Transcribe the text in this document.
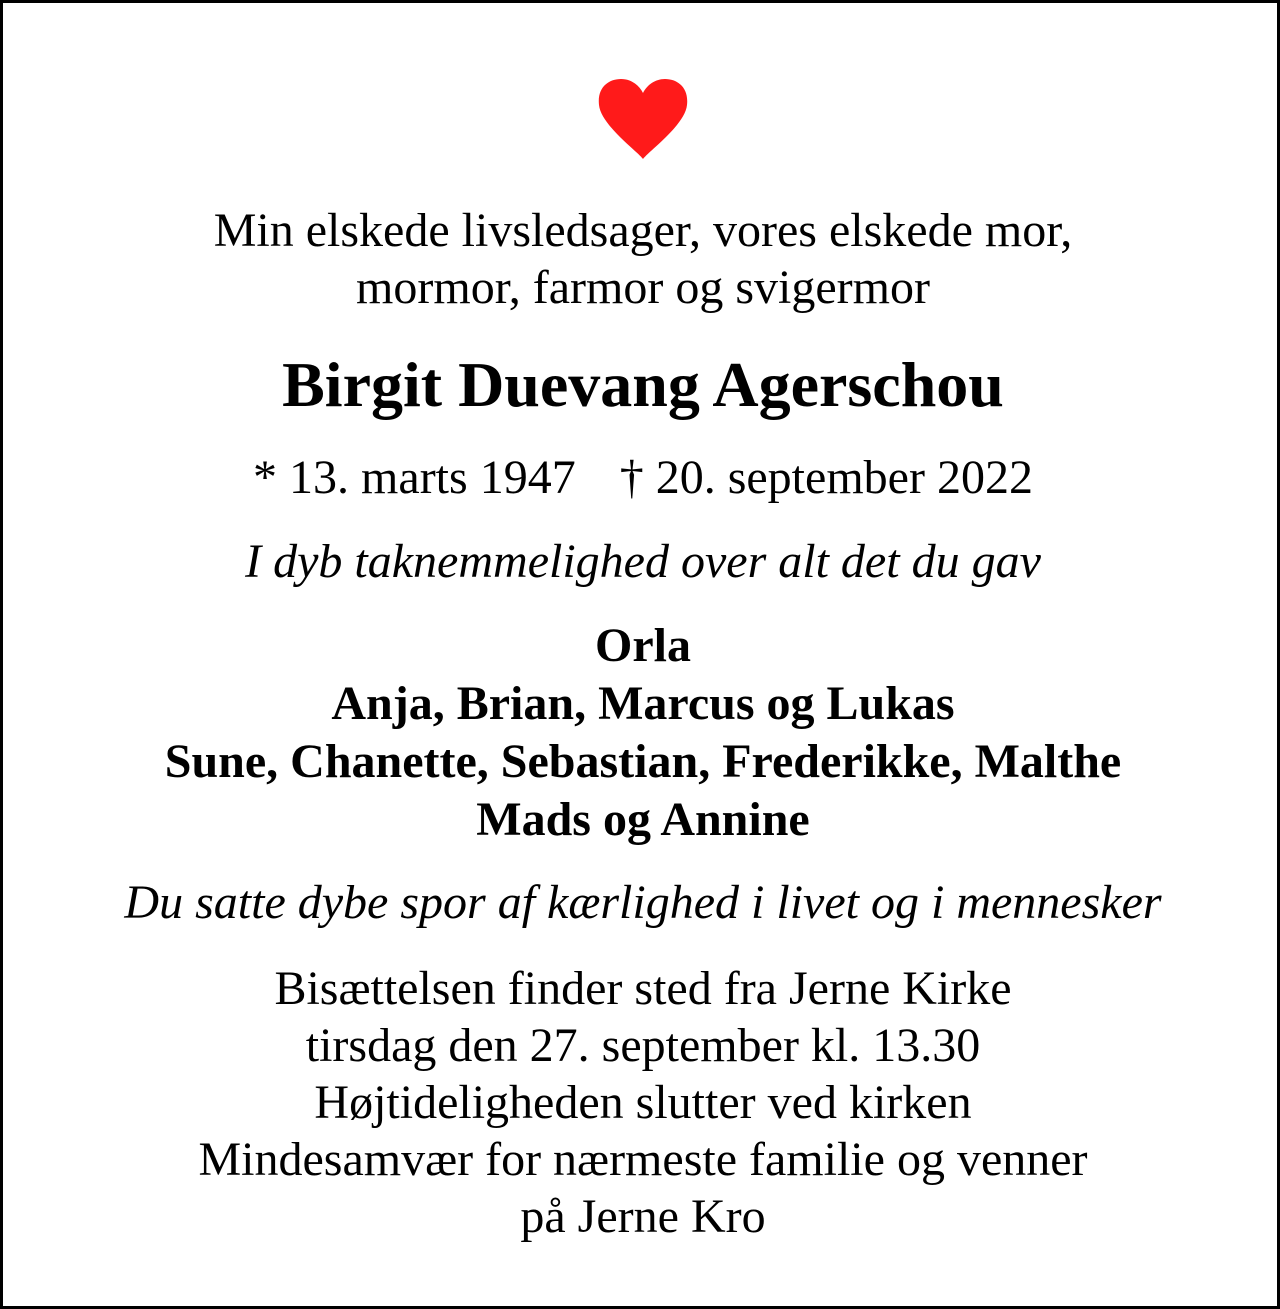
Min elskede livsledsager, vores elskede mor,

mormor, farmor og svigermor

Birgit Duevang Agerschou

* 13. marts 1947 † 20. september 2022

I dyb taknemmelighed over alt det du gav

Orla

Anja, Brian, Marcus og Lukas

Sune, Chanette, Sebastian, Frederikke, Malthe

Mads og Annine

Du satte dybe spor af kærlighed i livet og i mennesker

Bisættelsen finder sted fra Jerne Kirke

tirsdag den 27. september kl. 13.30

Højtideligheden slutter ved kirken

Mindesamvær for nærmeste familie og venner

på Jerne Kro
